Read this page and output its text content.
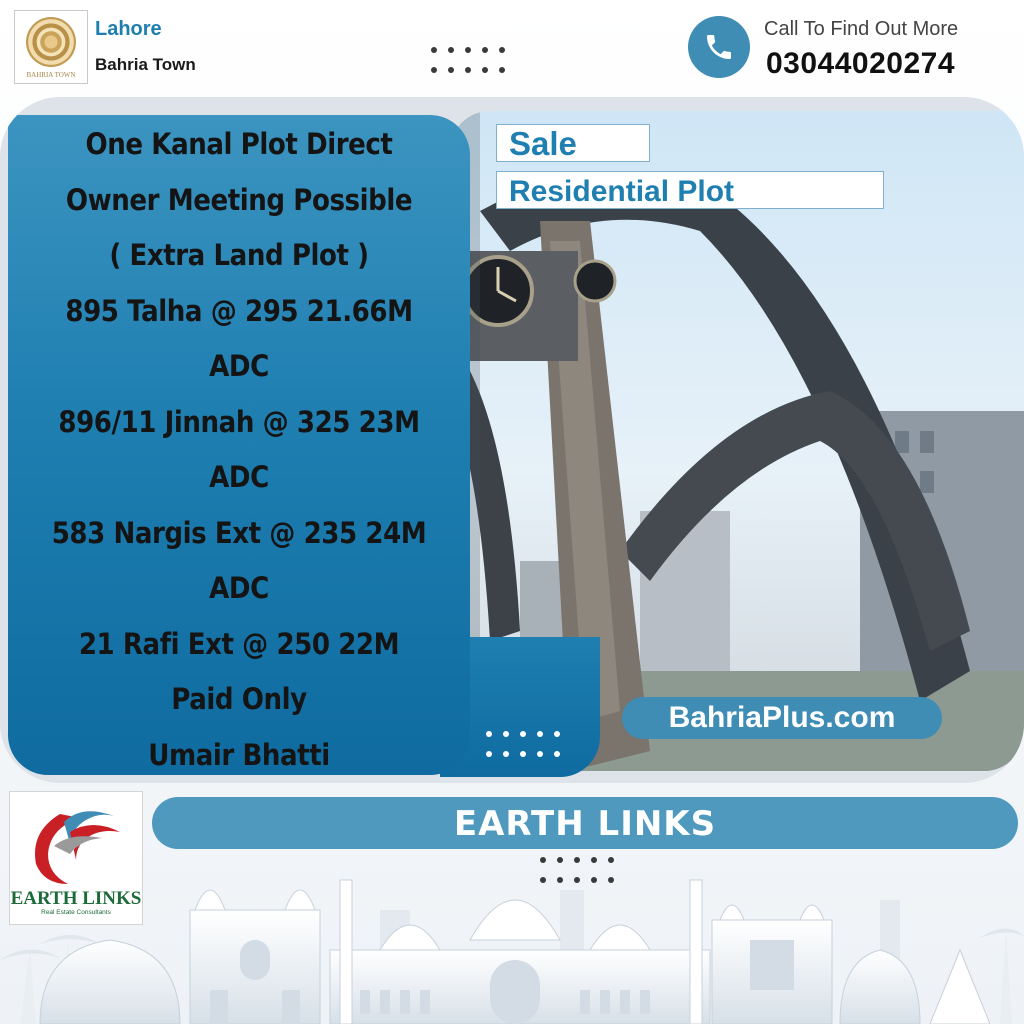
BAHRIA TOWN
Lahore
Bahria Town
Call To Find Out More
03044020274
One Kanal Plot Direct
Owner Meeting Possible
( Extra Land Plot )
895 Talha @ 295 21.66M
ADC
896/11 Jinnah @ 325 23M
ADC
583 Nargis Ext @ 235 24M
ADC
21 Rafi Ext @ 250 22M
Paid Only
Umair Bhatti
Sale
Residential Plot
BahriaPlus.com
EARTH LINKS
Real Estate Consultants
EARTH LINKS
